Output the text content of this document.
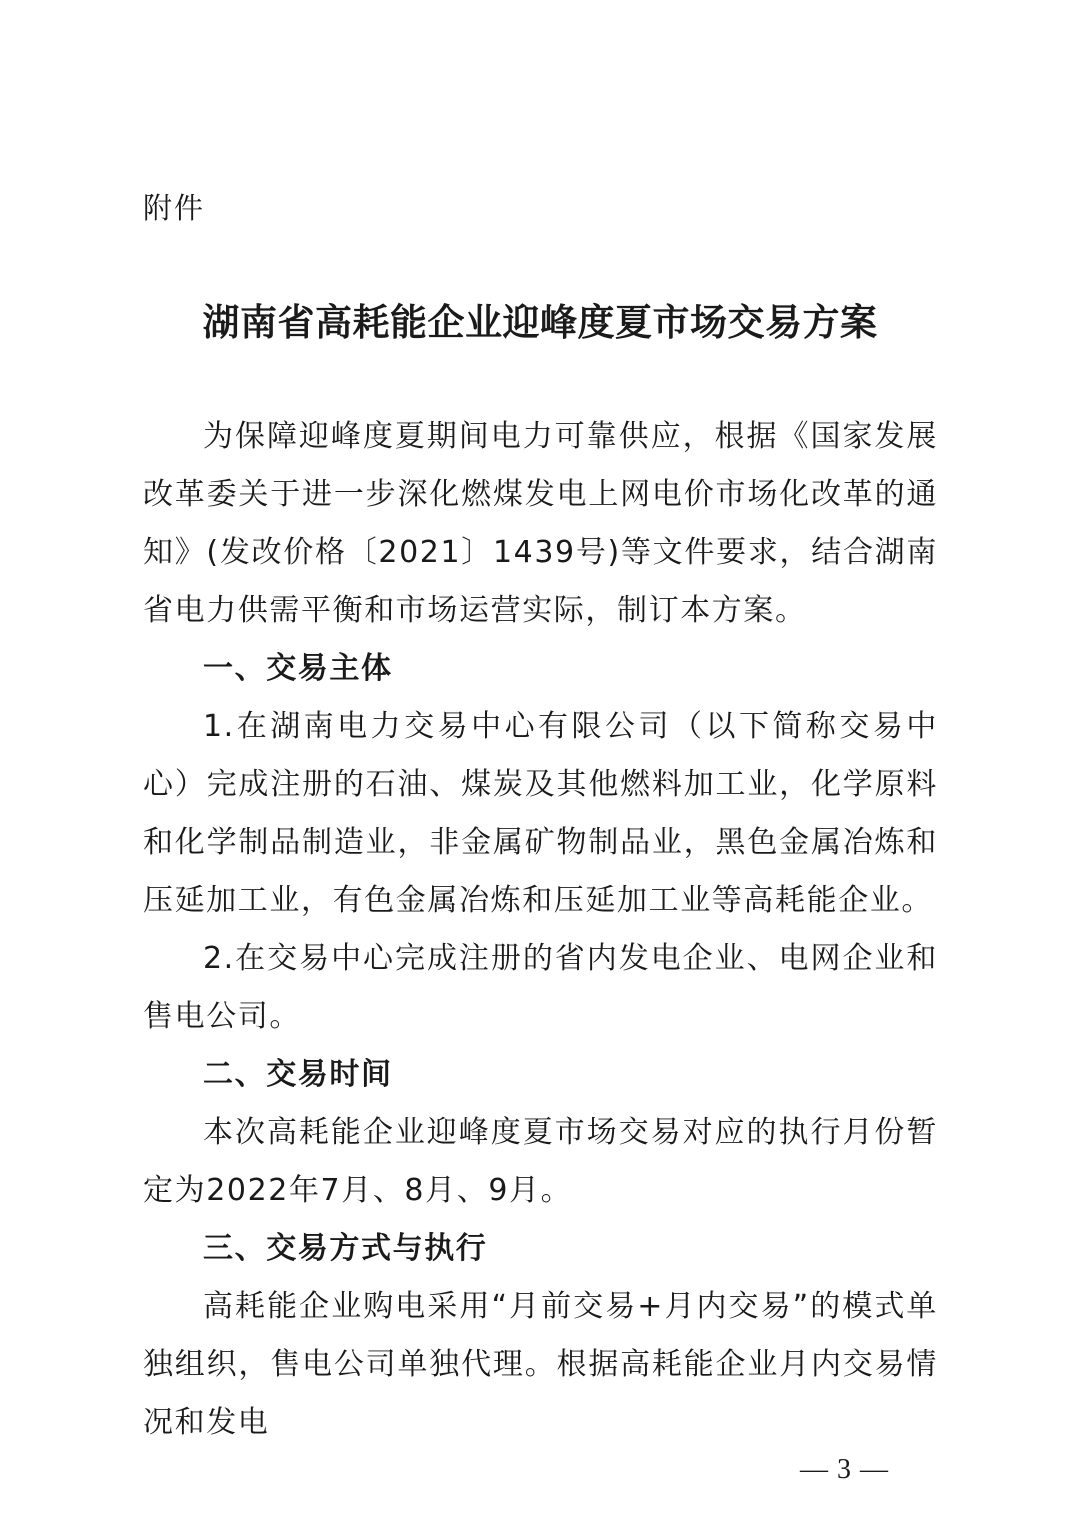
附件
湖南省高耗能企业迎峰度夏市场交易方案

为保障迎峰度夏期间电力可靠供应，根据《国家发展改革委关于进一步深化燃煤发电上网电价市场化改革的通知》(发改价格〔2021〕1439号)等文件要求，结合湖南省电力供需平衡和市场运营实际，制订本方案。

一、交易主体

1.在湖南电力交易中心有限公司（以下简称交易中心）完成注册的石油、煤炭及其他燃料加工业，化学原料和化学制品制造业，非金属矿物制品业，黑色金属冶炼和压延加工业，有色金属冶炼和压延加工业等高耗能企业。

2.在交易中心完成注册的省内发电企业、电网企业和售电公司。

二、交易时间

本次高耗能企业迎峰度夏市场交易对应的执行月份暂定为2022年7月、8月、9月。

三、交易方式与执行

高耗能企业购电采用“月前交易+月内交易”的模式单独组织，售电公司单独代理。根据高耗能企业月内交易情况和发电

— 3 —
